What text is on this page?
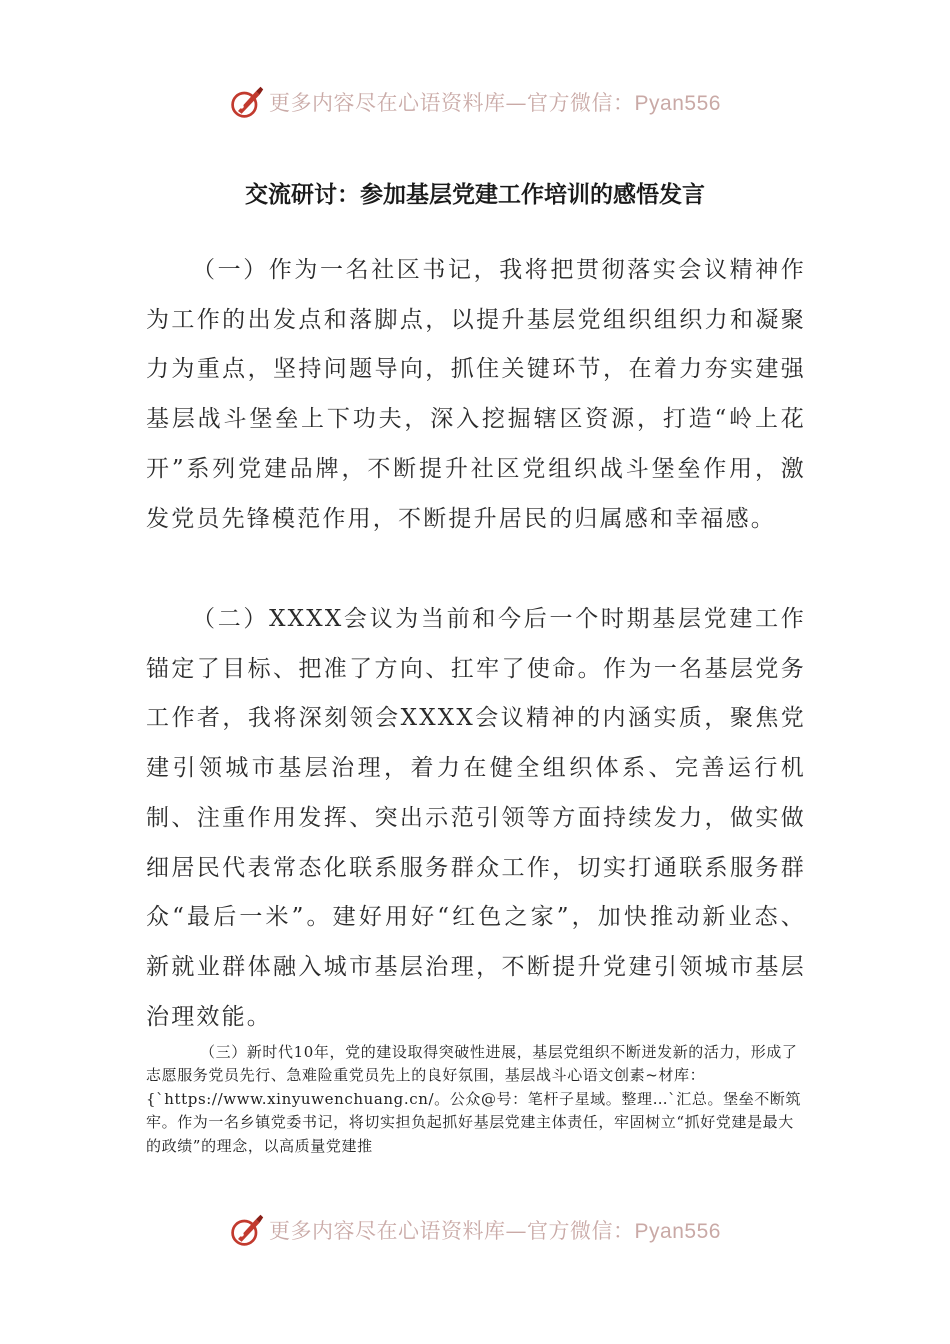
更多内容尽在心语资料库—官方微信：Pyan556
交流研讨：参加基层党建工作培训的感悟发言

（一）作为一名社区书记，我将把贯彻落实会议精神作为工作的出发点和落脚点，以提升基层党组织组织力和凝聚力为重点，坚持问题导向，抓住关键环节，在着力夯实建强基层战斗堡垒上下功夫，深入挖掘辖区资源，打造“岭上花开”系列党建品牌，不断提升社区党组织战斗堡垒作用，激发党员先锋模范作用，不断提升居民的归属感和幸福感。

（二）XXXX会议为当前和今后一个时期基层党建工作锚定了目标、把准了方向、扛牢了使命。作为一名基层党务工作者，我将深刻领会XXXX会议精神的内涵实质，聚焦党建引领城市基层治理，着力在健全组织体系、完善运行机制、注重作用发挥、突出示范引领等方面持续发力，做实做细居民代表常态化联系服务群众工作，切实打通联系服务群众“最后一米”。建好用好“红色之家”，加快推动新业态、新就业群体融入城市基层治理，不断提升党建引领城市基层治理效能。

（三）新时代10年，党的建设取得突破性进展，基层党组织不断迸发新的活力，形成了志愿服务党员先行、急难险重党员先上的良好氛围，基层战斗心语文创素~材库：{`https://www.xinyuwenchuang.cn/。公众@号：笔杆子星域。整理…`汇总。堡垒不断筑牢。作为一名乡镇党委书记，将切实担负起抓好基层党建主体责任，牢固树立“抓好党建是最大的政绩”的理念，以高质量党建推

更多内容尽在心语资料库—官方微信：Pyan556
